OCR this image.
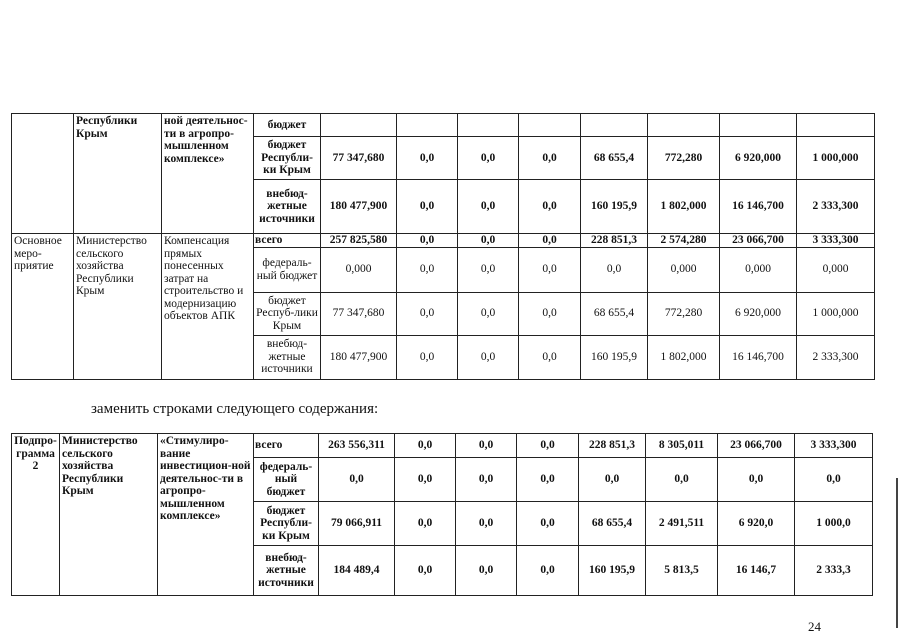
	Республики Крым	ной деятельнос-ти в агропро-мышленном комплексе»	бюджет								
			бюджет Республи-ки Крым	77 347,680	0,0	0,0	0,0	68 655,4	772,280	6 920,000	1 000,000
			внебюд-жетные источники	180 477,900	0,0	0,0	0,0	160 195,9	1 802,000	16 146,700	2 333,300
Основное меро-приятие	Министерство сельского хозяйства Республики Крым	Компенсация прямых понесенных затрат на строительство и модернизацию объектов АПК	всего	257 825,580	0,0	0,0	0,0	228 851,3	2 574,280	23 066,700	3 333,300
			федераль-ный бюджет	0,000	0,0	0,0	0,0	0,0	0,000	0,000	0,000
			бюджет Респуб-лики Крым	77 347,680	0,0	0,0	0,0	68 655,4	772,280	6 920,000	1 000,000
			внебюд-жетные источники	180 477,900	0,0	0,0	0,0	160 195,9	1 802,000	16 146,700	2 333,300
заменить строками следующего содержания:
Подпро-грамма 2	Министерство сельского хозяйства Республики Крым	«Стимулиро-вание инвестицион-ной деятельнос-ти в агропро-мышленном комплексе»	всего	263 556,311	0,0	0,0	0,0	228 851,3	8 305,011	23 066,700	3 333,300
			федераль-ный бюджет	0,0	0,0	0,0	0,0	0,0	0,0	0,0	0,0
			бюджет Республи-ки Крым	79 066,911	0,0	0,0	0,0	68 655,4	2 491,511	6 920,0	1 000,0
			внебюд-жетные источники	184 489,4	0,0	0,0	0,0	160 195,9	5 813,5	16 146,7	2 333,3
24
